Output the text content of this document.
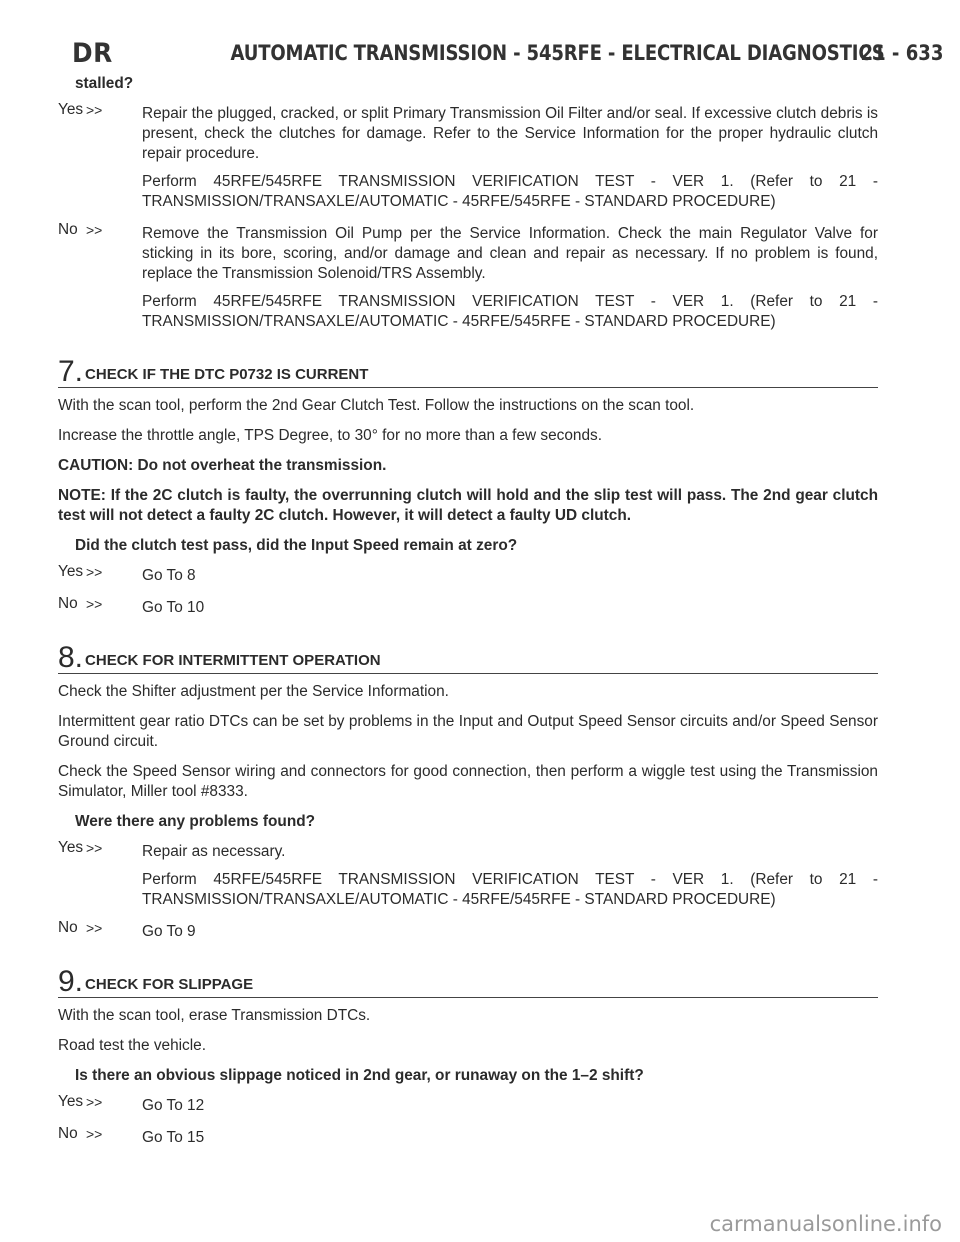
DR	AUTOMATIC TRANSMISSION - 545RFE - ELECTRICAL DIAGNOSTICS
21 - 633
stalled?
Yes >>	Repair the plugged, cracked, or split Primary Transmission Oil Filter and/or seal. If excessive clutch debris is present, check the clutches for damage. Refer to the Service Information for the proper hydraulic clutch repair procedure.
Perform 45RFE/545RFE TRANSMISSION VERIFICATION TEST - VER 1. (Refer to 21 - TRANSMISSION/TRANSAXLE/AUTOMATIC - 45RFE/545RFE - STANDARD PROCEDURE)
No >>	Remove the Transmission Oil Pump per the Service Information. Check the main Regulator Valve for sticking in its bore, scoring, and/or damage and clean and repair as necessary. If no problem is found, replace the Transmission Solenoid/TRS Assembly.
Perform 45RFE/545RFE TRANSMISSION VERIFICATION TEST - VER 1. (Refer to 21 - TRANSMISSION/TRANSAXLE/AUTOMATIC - 45RFE/545RFE - STANDARD PROCEDURE)
7. CHECK IF THE DTC P0732 IS CURRENT
With the scan tool, perform the 2nd Gear Clutch Test. Follow the instructions on the scan tool.
Increase the throttle angle, TPS Degree, to 30° for no more than a few seconds.
CAUTION: Do not overheat the transmission.
NOTE: If the 2C clutch is faulty, the overrunning clutch will hold and the slip test will pass. The 2nd gear clutch test will not detect a faulty 2C clutch. However, it will detect a faulty UD clutch.
Did the clutch test pass, did the Input Speed remain at zero?
Yes >>	Go To 8
No >>	Go To 10
8. CHECK FOR INTERMITTENT OPERATION
Check the Shifter adjustment per the Service Information.
Intermittent gear ratio DTCs can be set by problems in the Input and Output Speed Sensor circuits and/or Speed Sensor Ground circuit.
Check the Speed Sensor wiring and connectors for good connection, then perform a wiggle test using the Transmission Simulator, Miller tool #8333.
Were there any problems found?
Yes >>	Repair as necessary.
Perform 45RFE/545RFE TRANSMISSION VERIFICATION TEST - VER 1. (Refer to 21 - TRANSMISSION/TRANSAXLE/AUTOMATIC - 45RFE/545RFE - STANDARD PROCEDURE)
No >>	Go To 9
9. CHECK FOR SLIPPAGE
With the scan tool, erase Transmission DTCs.
Road test the vehicle.
Is there an obvious slippage noticed in 2nd gear, or runaway on the 1–2 shift?
Yes >>	Go To 12
No >>	Go To 15
carmanualsonline.info
